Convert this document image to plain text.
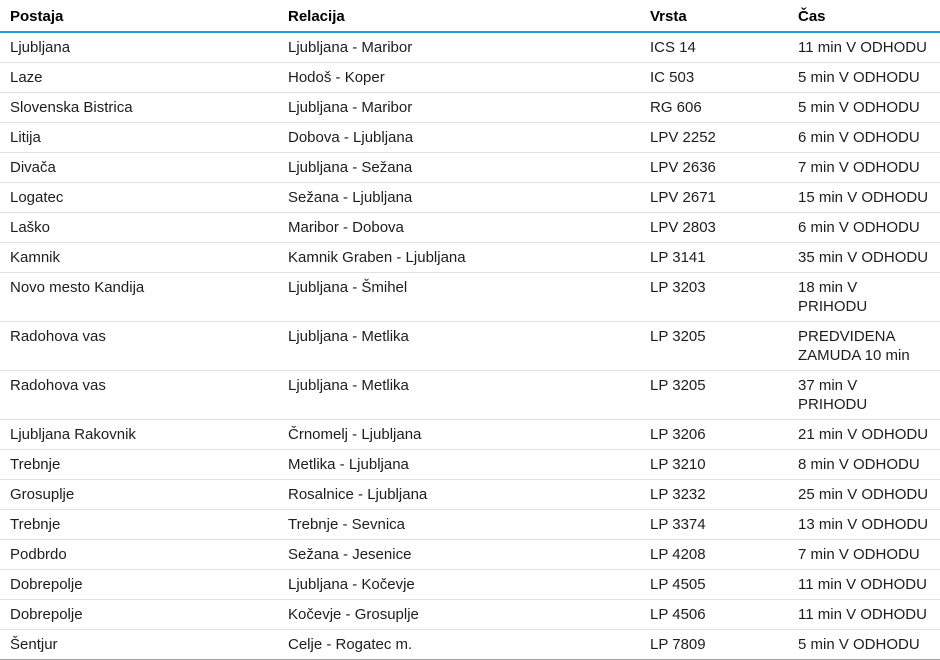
Postaja	Relacija	Vrsta	Čas
Ljubljana	Ljubljana - Maribor	ICS 14	11 min V ODHODU
Laze	Hodoš - Koper	IC 503	5 min V ODHODU
Slovenska Bistrica	Ljubljana - Maribor	RG 606	5 min V ODHODU
Litija	Dobova - Ljubljana	LPV 2252	6 min V ODHODU
Divača	Ljubljana - Sežana	LPV 2636	7 min V ODHODU
Logatec	Sežana - Ljubljana	LPV 2671	15 min V ODHODU
Laško	Maribor - Dobova	LPV 2803	6 min V ODHODU
Kamnik	Kamnik Graben - Ljubljana	LP 3141	35 min V ODHODU
Novo mesto Kandija	Ljubljana - Šmihel	LP 3203	18 min V PRIHODU
Radohova vas	Ljubljana - Metlika	LP 3205	PREDVIDENA ZAMUDA 10 min
Radohova vas	Ljubljana - Metlika	LP 3205	37 min V PRIHODU
Ljubljana Rakovnik	Črnomelj - Ljubljana	LP 3206	21 min V ODHODU
Trebnje	Metlika - Ljubljana	LP 3210	8 min V ODHODU
Grosuplje	Rosalnice - Ljubljana	LP 3232	25 min V ODHODU
Trebnje	Trebnje - Sevnica	LP 3374	13 min V ODHODU
Podbrdo	Sežana - Jesenice	LP 4208	7 min V ODHODU
Dobrepolje	Ljubljana - Kočevje	LP 4505	11 min V ODHODU
Dobrepolje	Kočevje - Grosuplje	LP 4506	11 min V ODHODU
Šentjur	Celje - Rogatec m.	LP 7809	5 min V ODHODU
